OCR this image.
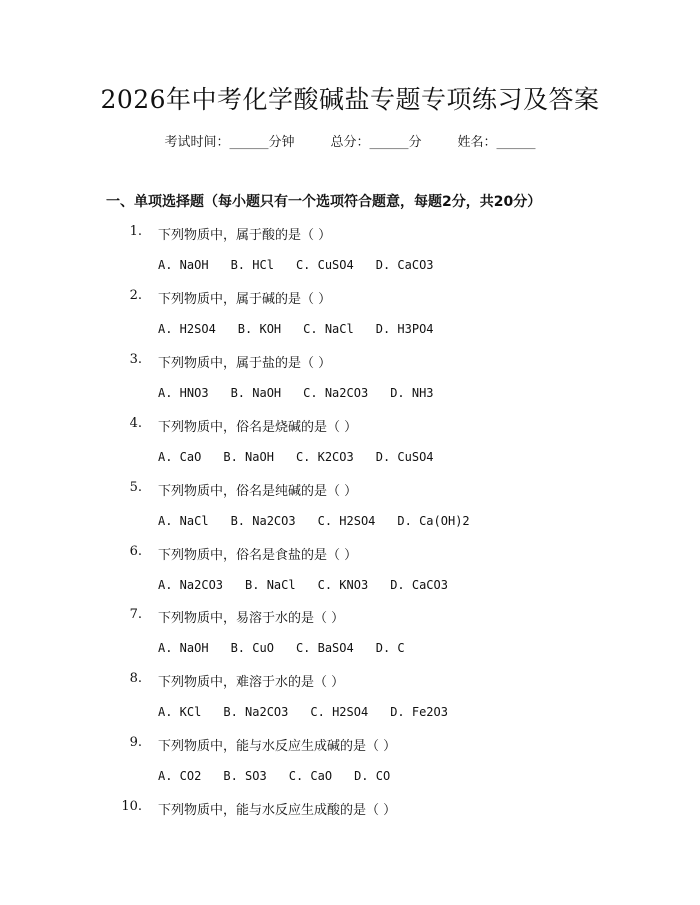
2026年中考化学酸碱盐专题专项练习及答案
考试时间：______分钟	总分：______分	姓名：______
一、单项选择题（每小题只有一个选项符合题意，每题2分，共20分）
1. 下列物质中，属于酸的是（ ）
A. NaOH B. HCl C. CuSO4 D. CaCO3
2. 下列物质中，属于碱的是（ ）
A. H2SO4 B. KOH C. NaCl D. H3PO4
3. 下列物质中，属于盐的是（ ）
A. HNO3 B. NaOH C. Na2CO3 D. NH3
4. 下列物质中，俗名是烧碱的是（ ）
A. CaO B. NaOH C. K2CO3 D. CuSO4
5. 下列物质中，俗名是纯碱的是（ ）
A. NaCl B. Na2CO3 C. H2SO4 D. Ca(OH)2
6. 下列物质中，俗名是食盐的是（ ）
A. Na2CO3 B. NaCl C. KNO3 D. CaCO3
7. 下列物质中，易溶于水的是（ ）
A. NaOH B. CuO C. BaSO4 D. C
8. 下列物质中，难溶于水的是（ ）
A. KCl B. Na2CO3 C. H2SO4 D. Fe2O3
9. 下列物质中，能与水反应生成碱的是（ ）
A. CO2 B. SO3 C. CaO D. CO
10. 下列物质中，能与水反应生成酸的是（ ）
